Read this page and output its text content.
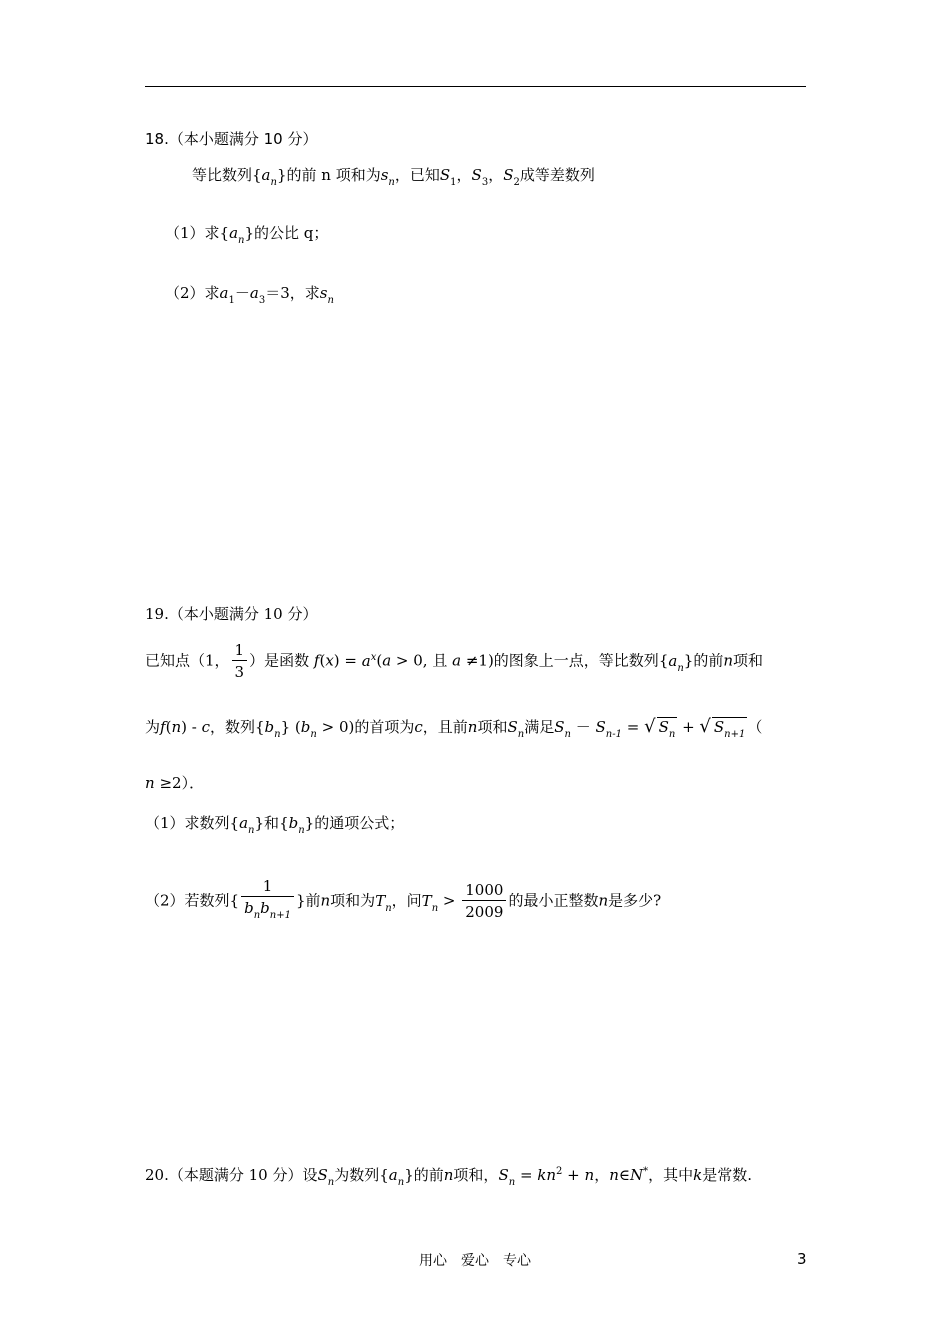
18.（本小题满分 10 分）
等比数列$\{a_n\}$的前 n 项和为$s_n$，已知$S_1$，$S_3$，$S_2$成等差数列
（1）求$\{a_n\}$的公比 q；
（2）求$a_1-a_3=3$，求$s_n$
19.（本小题满分 10 分）
已知点（1， $\frac{1}{3}$ ）是函数 $f(x) = a^x(a > 0$, 且 a ≠1)的图象上一点，等比数列$\{a_n\}$的前n项和
为f(n) - c，数列$\{b_n\} (b_n > 0)$的首项为c，且前n项和$S_n$满足$S_n - S_{n-1}$ = √ $S_n$ + √ $S_{n+1}$ （
n ≥2）．
（1）求数列$\{a_n\}$和$\{b_n\}$的通项公式；
（2）若数列{ $\frac{1}{b_nb_{n+1}}$ }前n项和为$T_n$，问$T_n > \frac{1000}{2009}$ 的最小正整数n是多少?
20.（本题满分 10 分）设$S_n$为数列$\{a_n\}$的前n项和，$S_n = kn^2 + n$，n∈N*，其中k是常数.
用心　爱心　专心	3
